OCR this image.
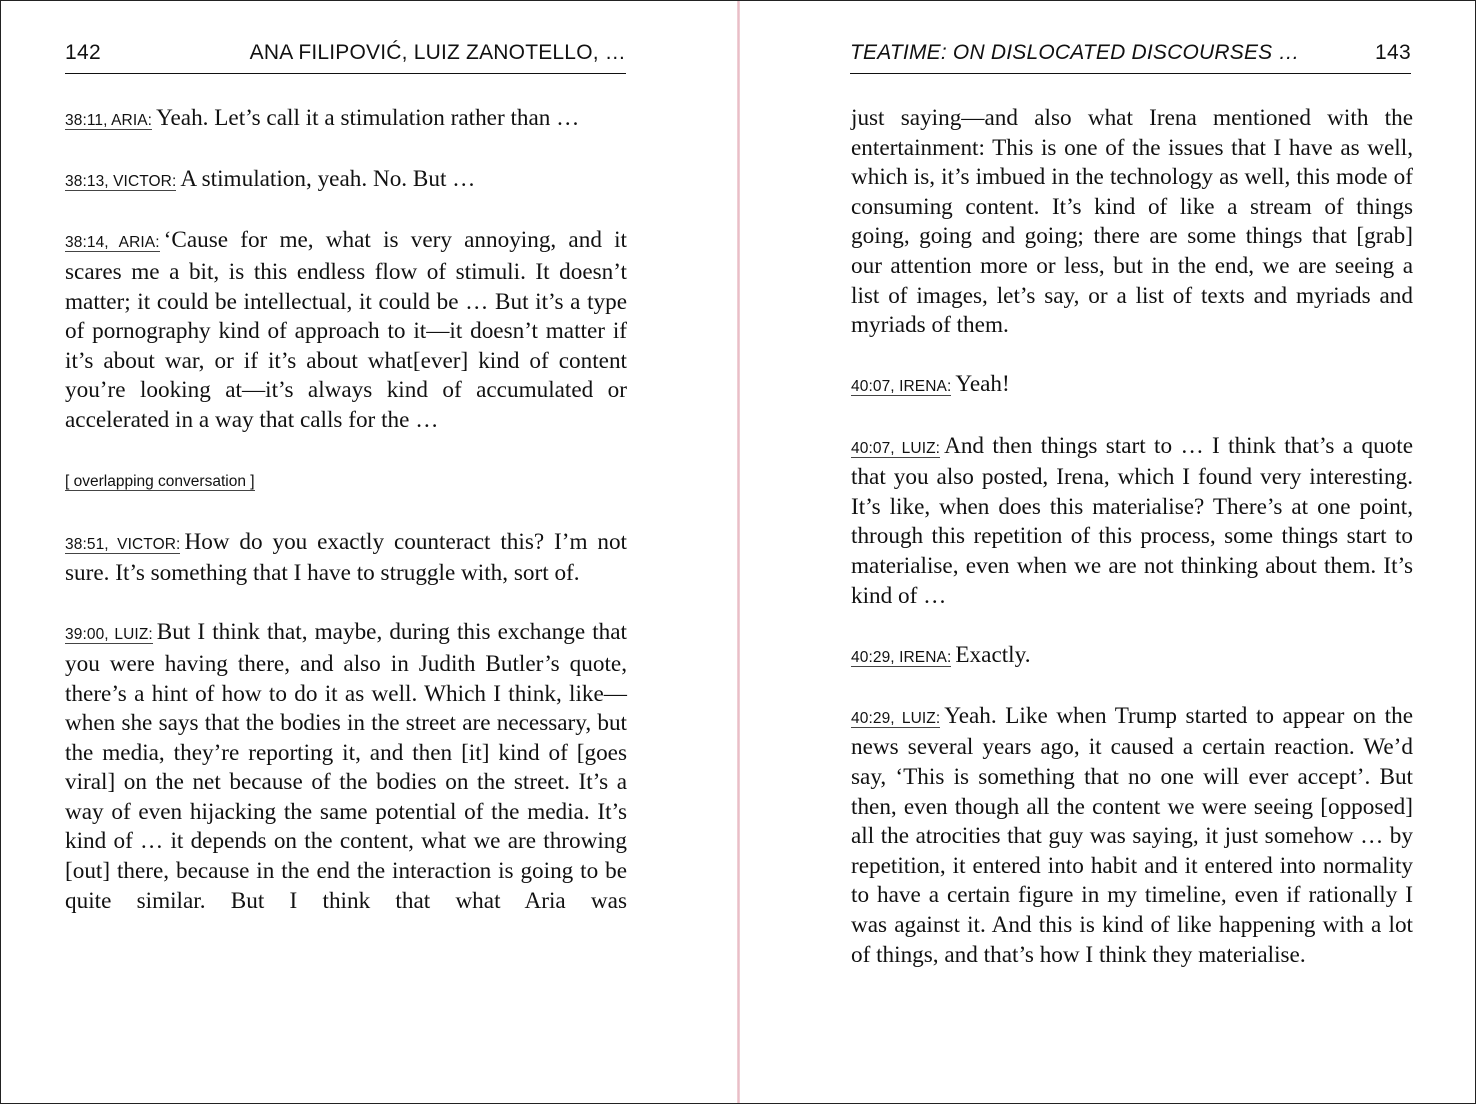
142	ANA FILIPOVIĆ, LUIZ ZANOTELLO, …

38:11, ARIA: Yeah. Let’s call it a stimulation rather than …

38:13, VICTOR: A stimulation, yeah. No. But …

38:14, ARIA: ‘Cause for me, what is very annoying, and it scares me a bit, is this endless flow of stimuli. It doesn’t matter; it could be intellectual, it could be … But it’s a type of pornography kind of approach to it—it doesn’t matter if it’s about war, or if it’s about what[ever] kind of content you’re looking at—it’s always kind of accumulated or accelerated in a way that calls for the …

[ overlapping conversation ]

38:51, VICTOR: How do you exactly counteract this? I’m not sure. It’s something that I have to struggle with, sort of.

39:00, LUIZ: But I think that, maybe, during this exchange that you were having there, and also in Judith Butler’s quote, there’s a hint of how to do it as well. Which I think, like—when she says that the bodies in the street are necessary, but the media, they’re reporting it, and then [it] kind of [goes viral] on the net because of the bodies on the street. It’s a way of even hijacking the same potential of the media. It’s kind of … it depends on the content, what we are throwing [out] there, because in the end the interaction is going to be quite similar. But I think that what Aria was

TEATIME: ON DISLOCATED DISCOURSES …	143

just saying—and also what Irena mentioned with the entertainment: This is one of the issues that I have as well, which is, it’s imbued in the technology as well, this mode of consuming content. It’s kind of like a stream of things going, going and going; there are some things that [grab] our attention more or less, but in the end, we are seeing a list of images, let’s say, or a list of texts and myriads and myriads of them.

40:07, IRENA: Yeah!

40:07, LUIZ: And then things start to … I think that’s a quote that you also posted, Irena, which I found very interesting. It’s like, when does this materialise? There’s at one point, through this repetition of this process, some things start to materialise, even when we are not thinking about them. It’s kind of …

40:29, IRENA: Exactly.

40:29, LUIZ: Yeah. Like when Trump started to appear on the news several years ago, it caused a certain reaction. We’d say, ‘This is something that no one will ever accept’. But then, even though all the content we were seeing [opposed] all the atrocities that guy was saying, it just somehow … by repetition, it entered into habit and it entered into normality to have a certain figure in my timeline, even if rationally I was against it. And this is kind of like happening with a lot of things, and that’s how I think they materialise.
